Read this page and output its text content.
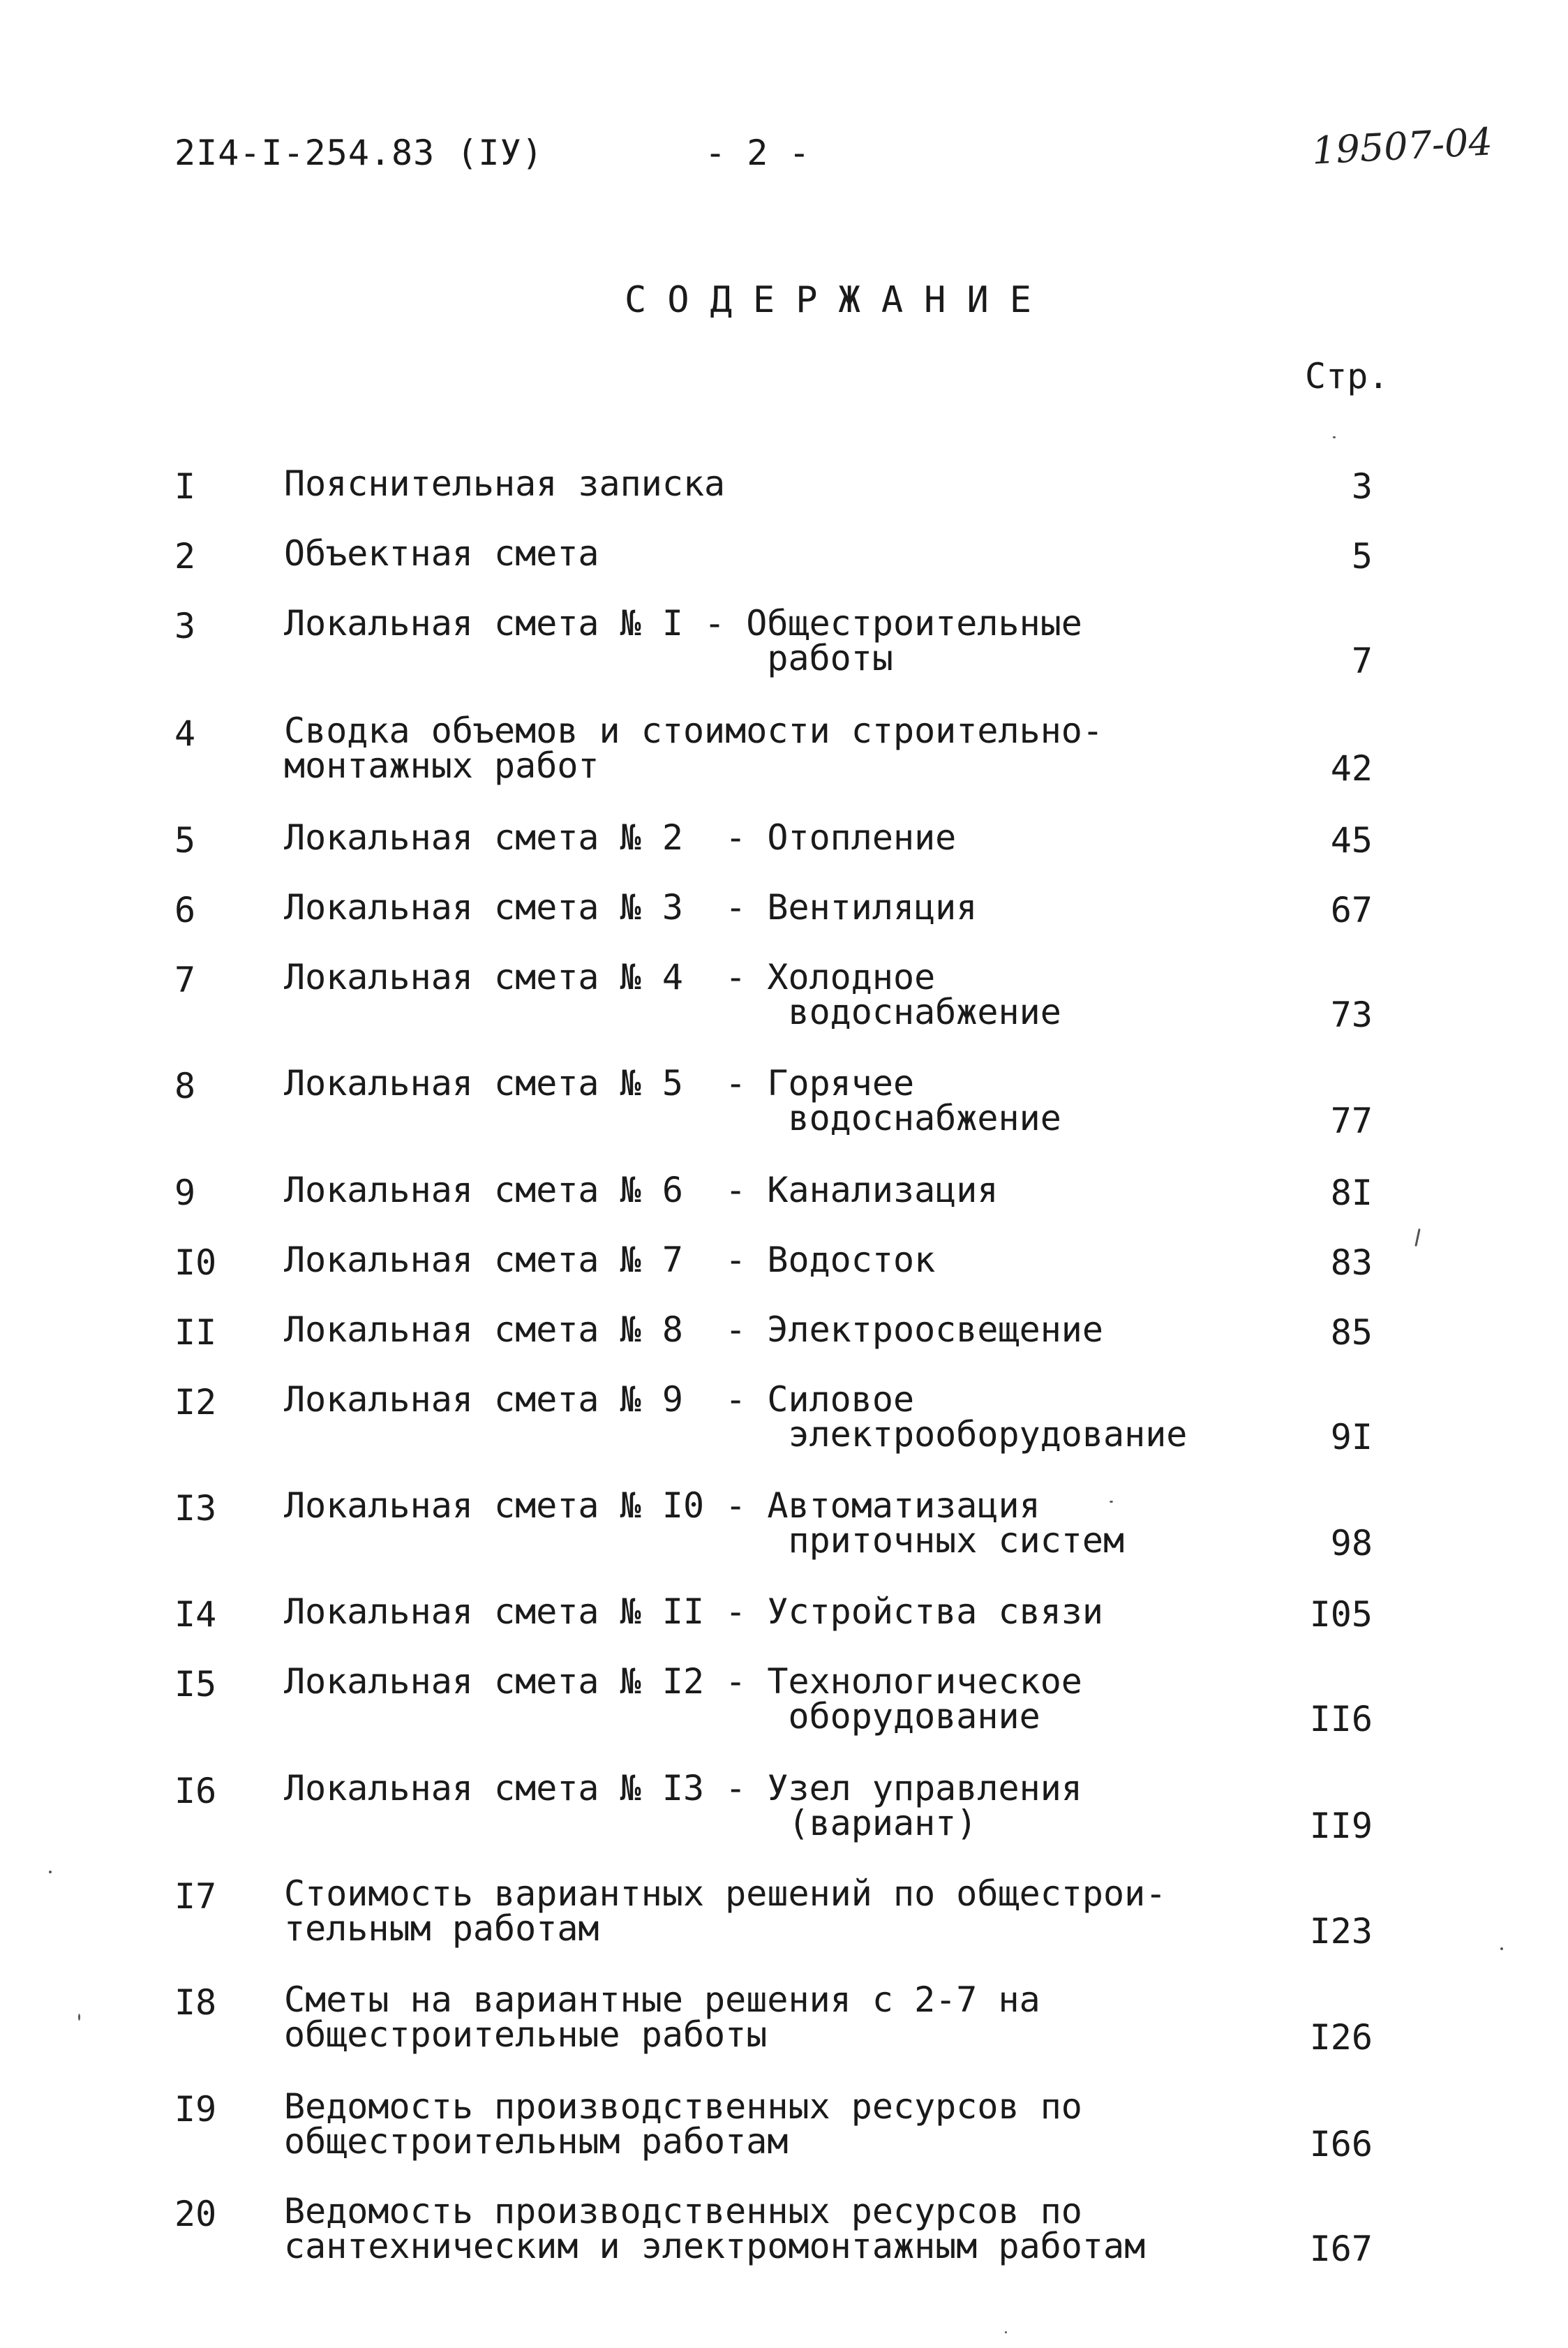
2I4-I-254.83 (IУ)	- 2 -	19507-04
СОДЕРЖАНИЕ
Стр.
I	Пояснительная записка	3
2	Объектная смета	5
3	Локальная смета № I - Общестроительные
работы	7
4	Сводка объемов и стоимости строительно-
монтажных работ	42
5	Локальная смета № 2  - Отопление	45
6	Локальная смета № 3  - Вентиляция	67
7	Локальная смета № 4  - Холодное
водоснабжение	73
8	Локальная смета № 5  - Горячее
водоснабжение	77
9	Локальная смета № 6  - Канализация	8I
I0 Локальная смета № 7  - Водосток	83
II Локальная смета № 8  - Электроосвещение	85
I2 Локальная смета № 9  - Силовое
электрооборудование	9I
I3 Локальная смета № I0 - Автоматизация
приточных систем	98
I4 Локальная смета № II - Устройства связи	I05
I5 Локальная смета № I2 - Технологическое
оборудование	II6
I6 Локальная смета № I3 - Узел управления
(вариант)	II9
I7 Стоимость вариантных решений по общестрои-
тельным работам	I23
I8 Сметы на вариантные решения с 2-7 на
общестроительные работы	I26
I9 Ведомость производственных ресурсов по
общестроительным работам	I66
20 Ведомость производственных ресурсов по
сантехническим и электромонтажным работам	I67
